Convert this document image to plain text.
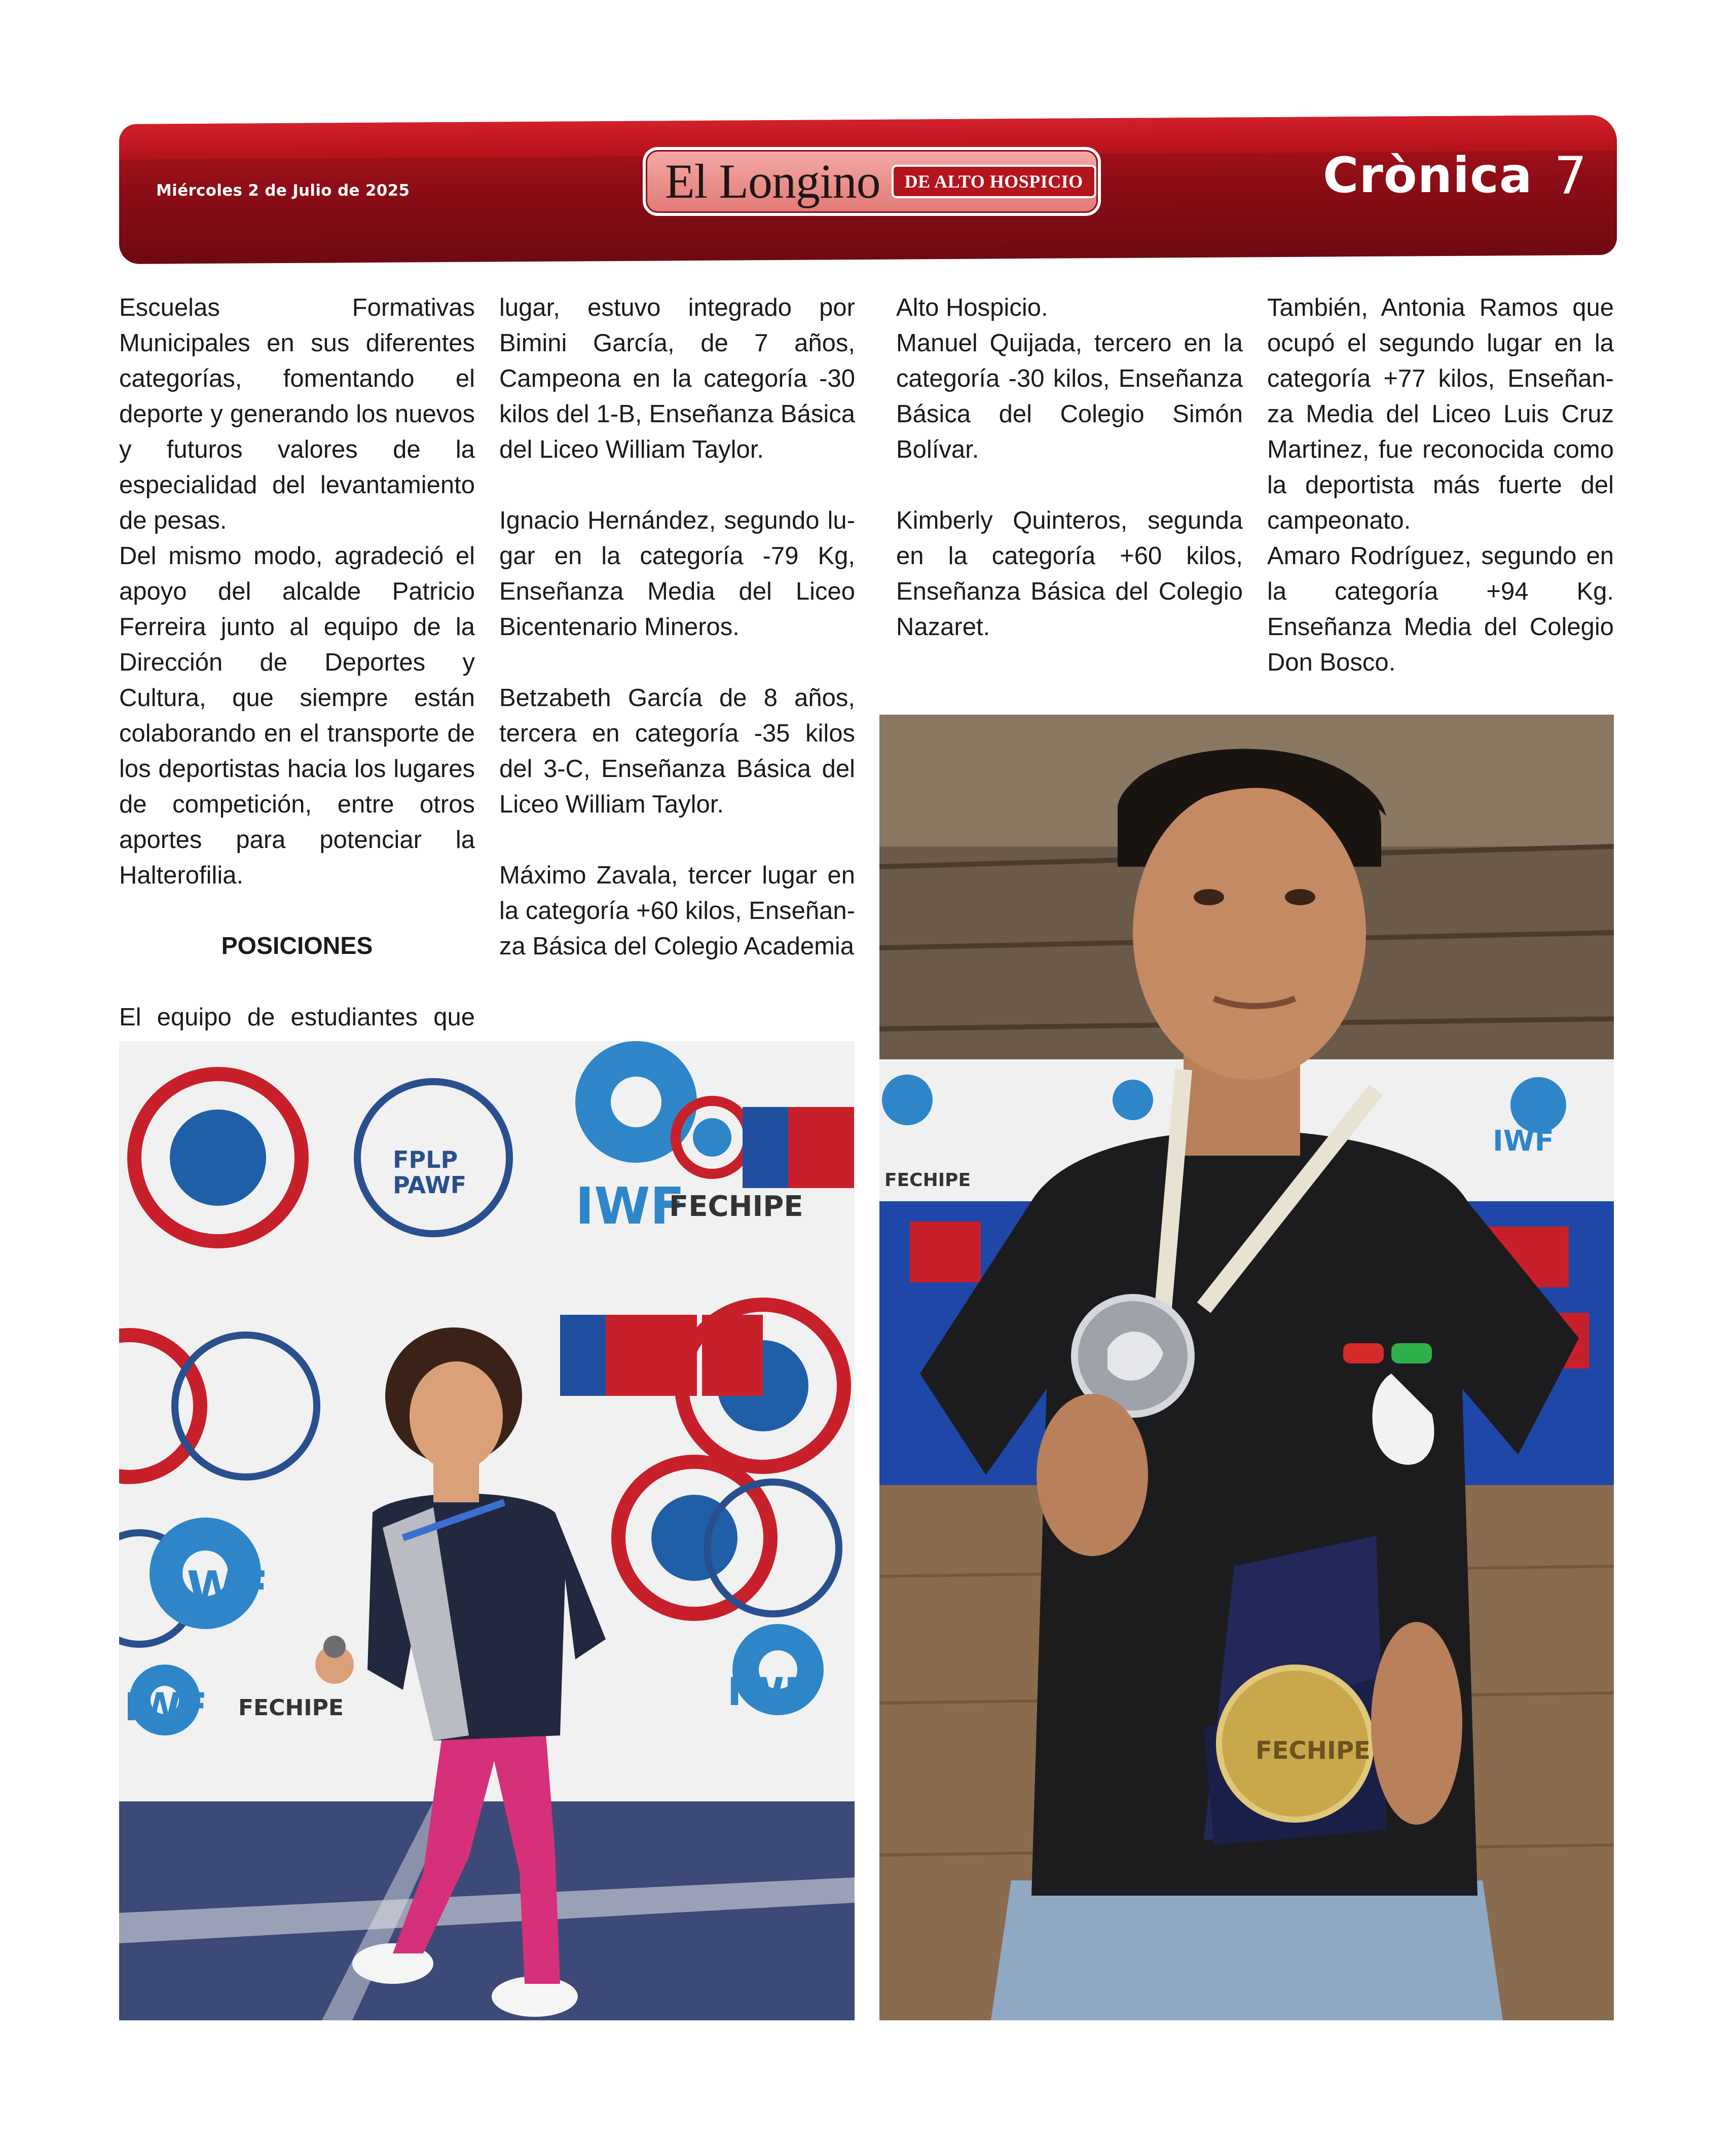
Miércoles 2 de Julio de 2025	El Longino	DE ALTO HOSPICIO	Crònica 7

Escuelas Formativas Municipales en sus diferentes categorías, fomentando el deporte y generando los nuevos y futuros valores de la especialidad del levantamiento de pesas.

Del mismo modo, agradeció el apoyo del alcalde Patricio Ferreira junto al equipo de la Dirección de Deportes y Cultura, que siempre están colaborando en el transporte de los deportistas hacia los lugares de competición, entre otros aportes para potenciar la Halterofilia.

POSICIONES

El equipo de estudiantes que

lugar, estuvo integrado por Bimini García, de 7 años, Campeona en la categoría -30 kilos del 1-B, Enseñanza Básica del Liceo William Taylor.

Ignacio Hernández, segundo lugar en la categoría -79 Kg, Enseñanza Media del Liceo Bicentenario Mineros.

Betzabeth García de 8 años, tercera en categoría -35 kilos del 3-C, Enseñanza Básica del Liceo William Taylor.

Máximo Zavala, tercer lugar en la categoría +60 kilos, Enseñanza Básica del Colegio Academia

Alto Hospicio.

Manuel Quijada, tercero en la categoría -30 kilos, Enseñanza Básica del Colegio Simón Bolívar.

Kimberly Quinteros, segunda en la categoría +60 kilos, Enseñanza Básica del Colegio Nazaret.

También, Antonia Ramos que ocupó el segundo lugar en la categoría +77 kilos, Enseñanza Media del Liceo Luis Cruz Martinez, fue reconocida como la deportista más fuerte del campeonato.

Amaro Rodríguez, segundo en la categoría +94 Kg. Enseñanza Media del Colegio Don Bosco.

IWF
FECHIPE
IWF
IWF
IWF FECHIPE
FPLP
PAWF
IWF
FECHIPE
FECHIPE
